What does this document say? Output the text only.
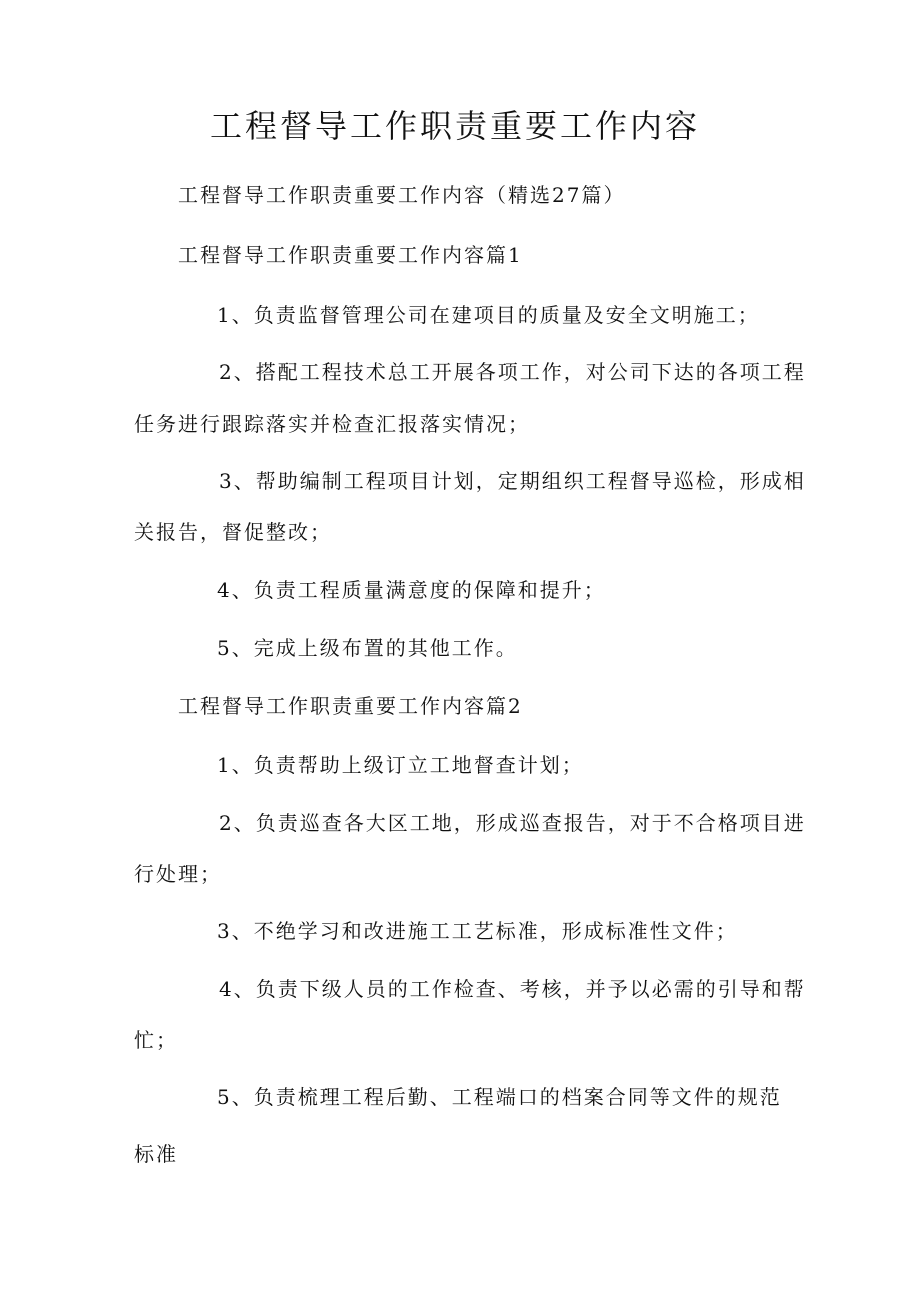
工程督导工作职责重要工作内容
工程督导工作职责重要工作内容（精选27篇）
工程督导工作职责重要工作内容篇1
1、负责监督管理公司在建项目的质量及安全文明施工；
2、搭配工程技术总工开展各项工作，对公司下达的各项工程
任务进行跟踪落实并检查汇报落实情况；
3、帮助编制工程项目计划，定期组织工程督导巡检，形成相
关报告，督促整改；
4、负责工程质量满意度的保障和提升；
5、完成上级布置的其他工作。
工程督导工作职责重要工作内容篇2
1、负责帮助上级订立工地督查计划；
2、负责巡查各大区工地，形成巡查报告，对于不合格项目进
行处理；
3、不绝学习和改进施工工艺标准，形成标准性文件；
4、负责下级人员的工作检查、考核，并予以必需的引导和帮
忙；
5、负责梳理工程后勤、工程端口的档案合同等文件的规范
标准
